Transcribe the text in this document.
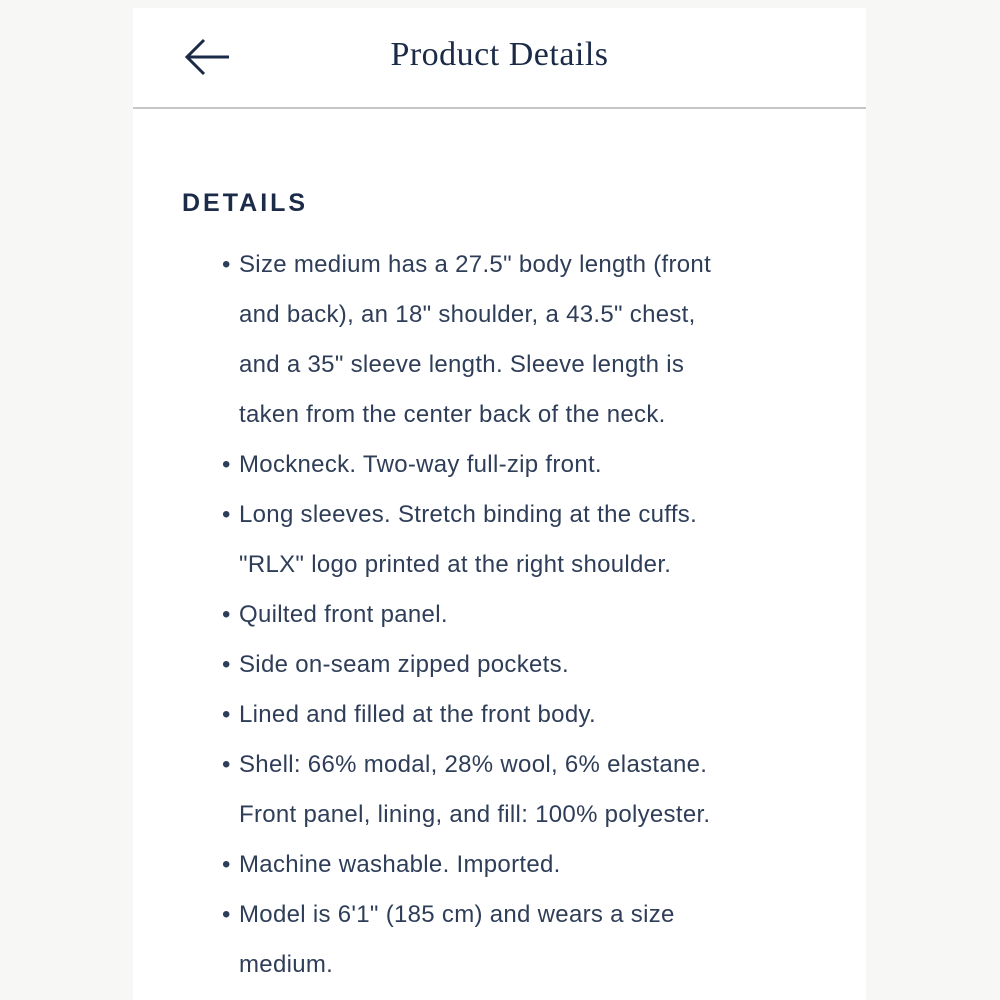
Product Details
DETAILS
• Size medium has a 27.5" body length (front
and back), an 18" shoulder, a 43.5" chest,
and a 35" sleeve length. Sleeve length is
taken from the center back of the neck.
• Mockneck. Two-way full-zip front.
• Long sleeves. Stretch binding at the cuffs.
"RLX" logo printed at the right shoulder.
• Quilted front panel.
• Side on-seam zipped pockets.
• Lined and filled at the front body.
• Shell: 66% modal, 28% wool, 6% elastane.
Front panel, lining, and fill: 100% polyester.
• Machine washable. Imported.
• Model is 6'1" (185 cm) and wears a size
medium.
